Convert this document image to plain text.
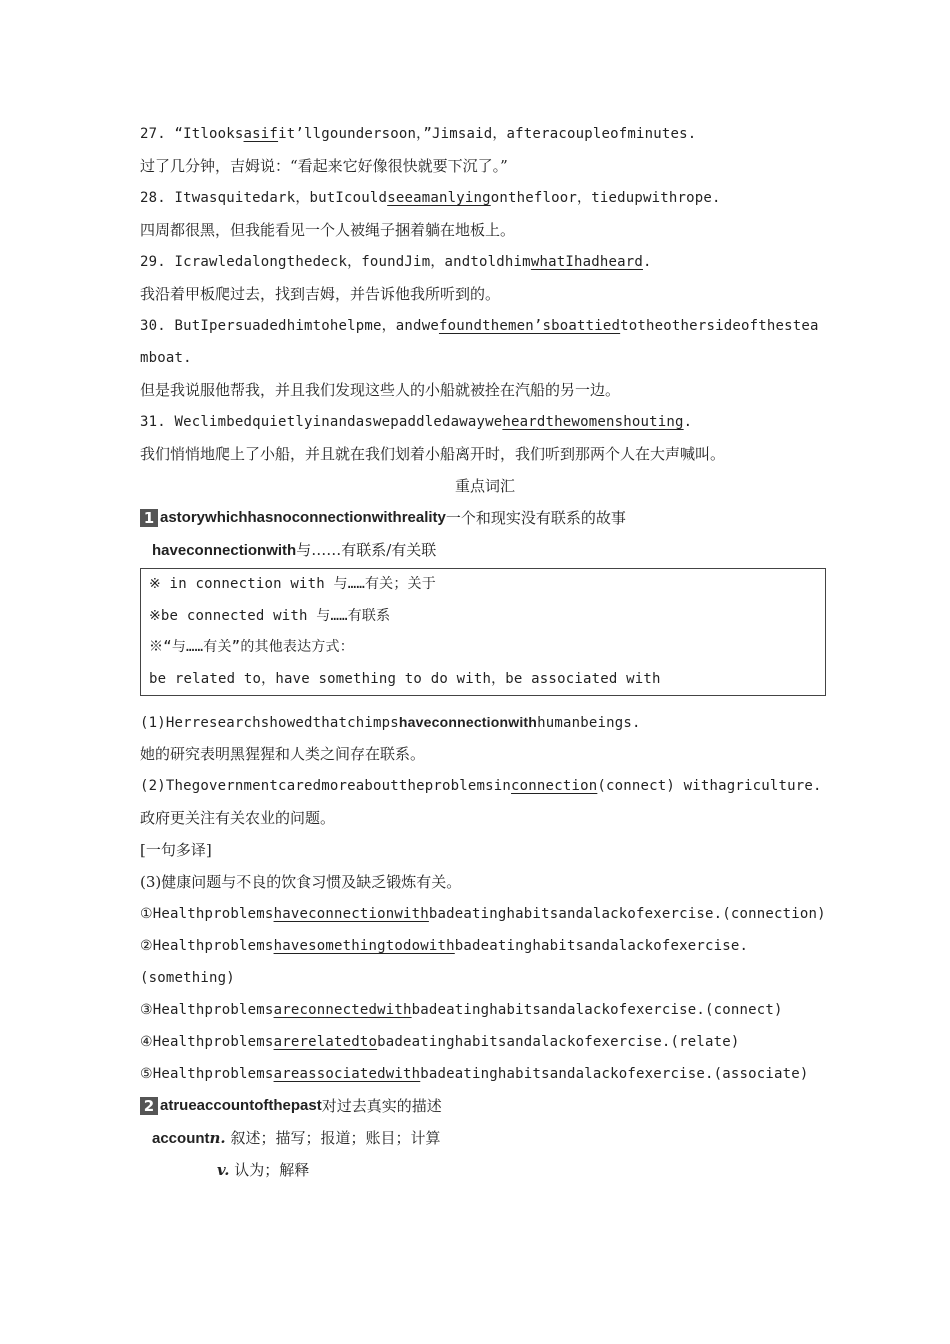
27. “Itlooksasifit’llgoundersoon，”Jimsaid，afteracoupleofminutes.
过了几分钟，吉姆说：“看起来它好像很快就要下沉了。”
28. Itwasquitedark，butIcouldseeamanlyingonthefloor，tiedupwithrope.
四周都很黑，但我能看见一个人被绳子捆着躺在地板上。
29. Icrawledalongthedeck，foundJim，andtoldhimwhatIhadheard.
我沿着甲板爬过去，找到吉姆，并告诉他我所听到的。
30. ButIpersuadedhimtohelpme，andwefoundthemen’sboattiedtotheothersideofthestea
mboat.
但是我说服他帮我，并且我们发现这些人的小船就被拴在汽船的另一边。
31. Weclimbedquietlyinandaswepaddledawayweheardthewomenshouting.
我们悄悄地爬上了小船，并且就在我们划着小船离开时，我们听到那两个人在大声喊叫。
重点词汇
1 astorywhichhasnoconnectionwithreality 一个和现实没有联系的故事
haveconnectionwith与……有联系/有关联
※ in connection with 与……有关；关于
※be connected with 与……有联系
※“与……有关”的其他表达方式：
be related to，have something to do with，be associated with
(1)Herresearchshowedthatchimpshaveconnectionwithhumanbeings.
她的研究表明黑猩猩和人类之间存在联系。
(2)Thegovernmentcaredmoreabouttheproblemsinconnection(connect) withagriculture.
政府更关注有关农业的问题。
[一句多译]
(3)健康问题与不良的饮食习惯及缺乏锻炼有关。
①Healthproblemshaveconnectionwithbadeatinghabitsandalackofexercise.(connection)
②Healthproblemshavesomethingtodowithbadeatinghabitsandalackofexercise.
(something)
③Healthproblemsareconnectedwithbadeatinghabitsandalackofexercise.(connect)
④Healthproblemsarerelatedtobadeatinghabitsandalackofexercise.(relate)
⑤Healthproblemsareassociatedwithbadeatinghabitsandalackofexercise.(associate)
2 atrueaccountofthepast 对过去真实的描述
accountn. 叙述；描写；报道；账目；计算
v. 认为；解释
